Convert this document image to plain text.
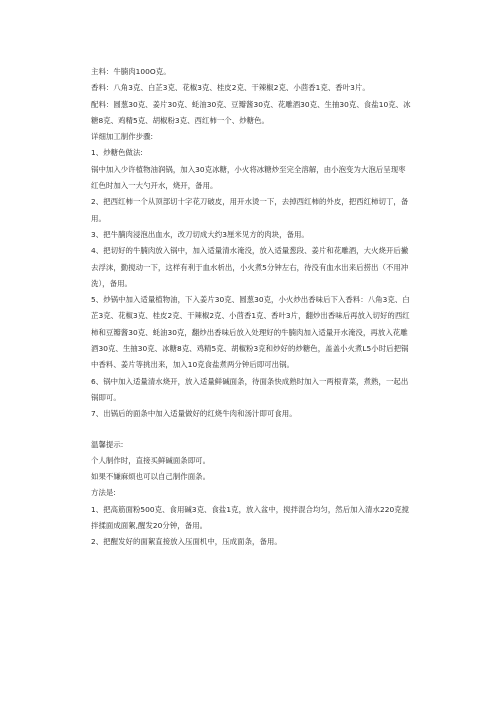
主料：牛腩肉100O克。

香料：八角3克、白芷3克、花椒3克、桂皮2克、干辣椒2克、小茴香1克、香叶3片。

配料：圆葱30克、姜片30克、蚝油30克、豆瓣酱30克、花雕酒30克、生抽30克、食盐10克、冰糖8克、鸡精5克、胡椒粉3克、西红柿一个、炒糖色。

详细加工制作步骤:

1、炒糖色做法:

锅中加入少许植物油润锅，加入30克冰糖，小火将冰糖炒至完全溶解，由小泡变为大泡后呈现枣红色时加入一大勺开水，烧开，备用。

2、把西红柿一个从顶部切十字花刀破皮，用开水烫一下，去掉西红柿的外皮，把西红柿切丁，备用。

3、把牛腩肉浸泡出血水，改刀切成大约3厘米见方的肉块，备用。

4、把切好的牛腩肉放入锅中，加入适量清水淹没，放入适量葱段、姜片和花雕酒，大火烧开后撇去浮沫，勤搅动一下，这样有利于血水析出，小火煮5分钟左右，待没有血水出来后捞出（不用冲洗），备用。

5、炒锅中加入适量植物油，下入姜片30克、圆葱30克，小火炒出香味后下入香料：八角3克、白芷3克、花椒3克、桂皮2克、干辣椒2克、小茴香1克、香叶3片，翻炒出香味后再放入切好的西红柿和豆瓣酱30克、蚝油30克，翻炒出香味后放入处理好的牛腩肉加入适量开水淹没，再放入花雕酒30克、生抽30克、冰糖8克、鸡精5克、胡椒粉3克和炒好的炒糖色，盖盖小火煮L5小时后把锅中香料、姜片等挑出来，加入10克食盐煮两分钟后即可出锅。

6、锅中加入适量清水烧开，放入适量鲜碱面条，待面条快成熟时加入一两根青菜，煮熟，一起出锅即可。

7、出锅后的面条中加入适量做好的红烧牛肉和汤汁即可食用。

温馨提示:

个人制作时，直接买鲜碱面条即可。

如果不嫌麻烦也可以自己制作面条。

方法是:

1、把高筋面粉500克、食用碱3克、食盐1克，放入盆中，搅拌混合均匀，然后加入清水220克搅拌揉面成面絮,醒发20分钟，备用。

2、把醒发好的面絮直接放入压面机中，压成面条，备用。
